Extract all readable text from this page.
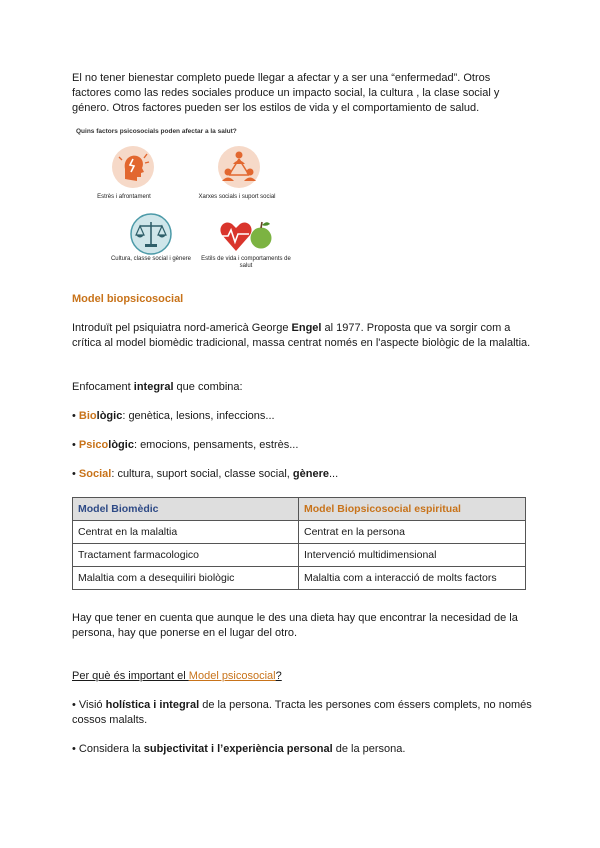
El no tener bienestar completo puede llegar a afectar y a ser una “enfermedad”. Otros factores como las redes sociales produce un impacto social, la cultura , la clase social y género. Otros factores pueden ser los estilos de vida y el comportamiento de salud.
Quins factors psicosocials poden afectar a la salut?
Estrès i afrontament	Xarxes socials i suport social
Cultura, classe social i gènere	Estils de vida i comportaments de salut
Model biopsicosocial
Introduït pel psiquiatra nord-americà George Engel al 1977. Proposta que va sorgir com a crítica al model biomèdic tradicional, massa centrat només en l'aspecte biològic de la malaltia.
Enfocament integral que combina:
• Biològic: genètica, lesions, infeccions...
• Psicològic: emocions, pensaments, estrès...
• Social: cultura, suport social, classe social, gènere...
Model Biomèdic	Model Biopsicosocial espiritual
Centrat en la malaltia	Centrat en la persona
Tractament farmacologico	Intervenció multidimensional
Malaltia com a desequiliri biològic	Malaltia com a interacció de molts factors
Hay que tener en cuenta que aunque le des una dieta hay que encontrar la necesidad de la persona, hay que ponerse en el lugar del otro.
Per què és important el Model psicosocial?
• Visió holística i integral de la persona. Tracta les persones com éssers complets, no només cossos malalts.
• Considera la subjectivitat i l’experiència personal de la persona.
